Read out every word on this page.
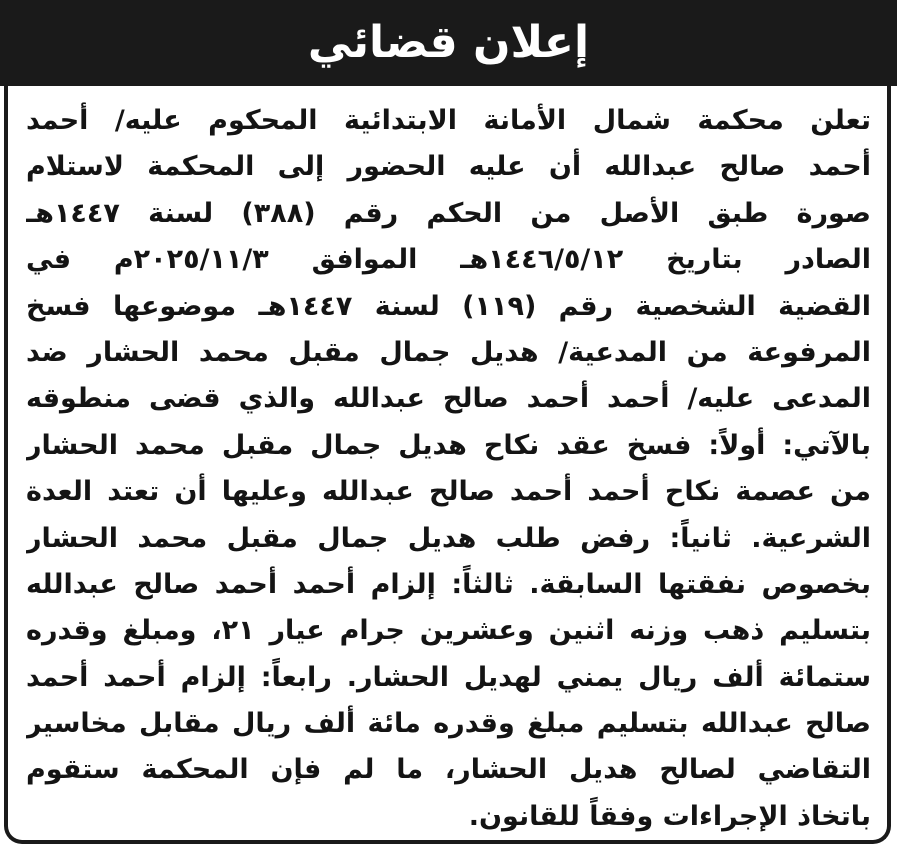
إعلان قضائي
تعلن محكمة شمال الأمانة الابتدائية المحكوم عليه/ أحمد
أحمد صالح عبدالله أن عليه الحضور إلى المحكمة لاستلام
صورة طبق الأصل من الحكم رقم (٣٨٨) لسنة ١٤٤٧هـ
الصادر بتاريخ ١٤٤٦/٥/١٢هـ الموافق ٢٠٢٥/١١/٣م في
القضية الشخصية رقم (١١٩) لسنة ١٤٤٧هـ موضوعها فسخ
المرفوعة من المدعية/ هديل جمال مقبل محمد الحشار ضد
المدعى عليه/ أحمد أحمد صالح عبدالله والذي قضى منطوقه
بالآتي: أولاً: فسخ عقد نكاح هديل جمال مقبل محمد الحشار
من عصمة نكاح أحمد أحمد صالح عبدالله وعليها أن تعتد العدة
الشرعية. ثانياً: رفض طلب هديل جمال مقبل محمد الحشار
بخصوص نفقتها السابقة. ثالثاً: إلزام أحمد أحمد صالح عبدالله
بتسليم ذهب وزنه اثنين وعشرين جرام عيار ٢١، ومبلغ وقدره
ستمائة ألف ريال يمني لهديل الحشار. رابعاً: إلزام أحمد أحمد
صالح عبدالله بتسليم مبلغ وقدره مائة ألف ريال مقابل مخاسير
التقاضي لصالح هديل الحشار، ما لم فإن المحكمة ستقوم
باتخاذ الإجراءات وفقاً للقانون.
